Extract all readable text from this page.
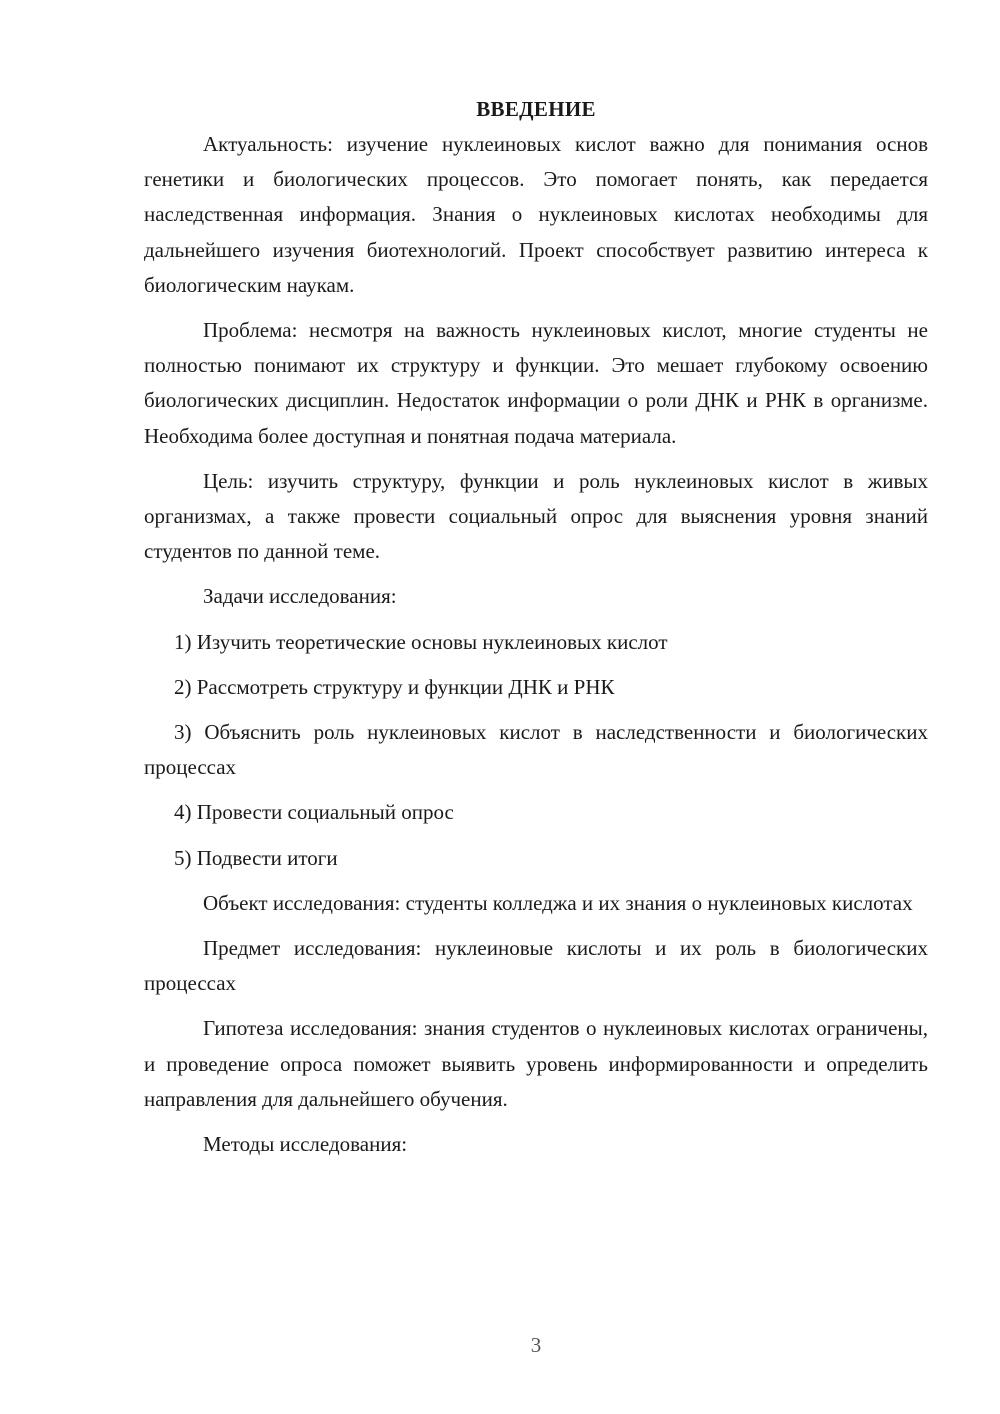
ВВЕДЕНИЕ

Актуальность: изучение нуклеиновых кислот важно для понимания основ генетики и биологических процессов. Это помогает понять, как передается наследственная информация. Знания о нуклеиновых кислотах необходимы для дальнейшего изучения биотехнологий. Проект способствует развитию интереса к биологическим наукам.

Проблема: несмотря на важность нуклеиновых кислот, многие студенты не полностью понимают их структуру и функции. Это мешает глубокому освоению биологических дисциплин. Недостаток информации о роли ДНК и РНК в организме. Необходима более доступная и понятная подача материала.

Цель: изучить структуру, функции и роль нуклеиновых кислот в живых организмах, а также провести социальный опрос для выяснения уровня знаний студентов по данной теме.

Задачи исследования:

1) Изучить теоретические основы нуклеиновых кислот

2) Рассмотреть структуру и функции ДНК и РНК

3) Объяснить роль нуклеиновых кислот в наследственности и биологических процессах

4) Провести социальный опрос

5) Подвести итоги

Объект исследования: студенты колледжа и их знания о нуклеиновых кислотах

Предмет исследования: нуклеиновые кислоты и их роль в биологических процессах

Гипотеза исследования: знания студентов о нуклеиновых кислотах ограничены, и проведение опроса поможет выявить уровень информированности и определить направления для дальнейшего обучения.

Методы исследования:

3
